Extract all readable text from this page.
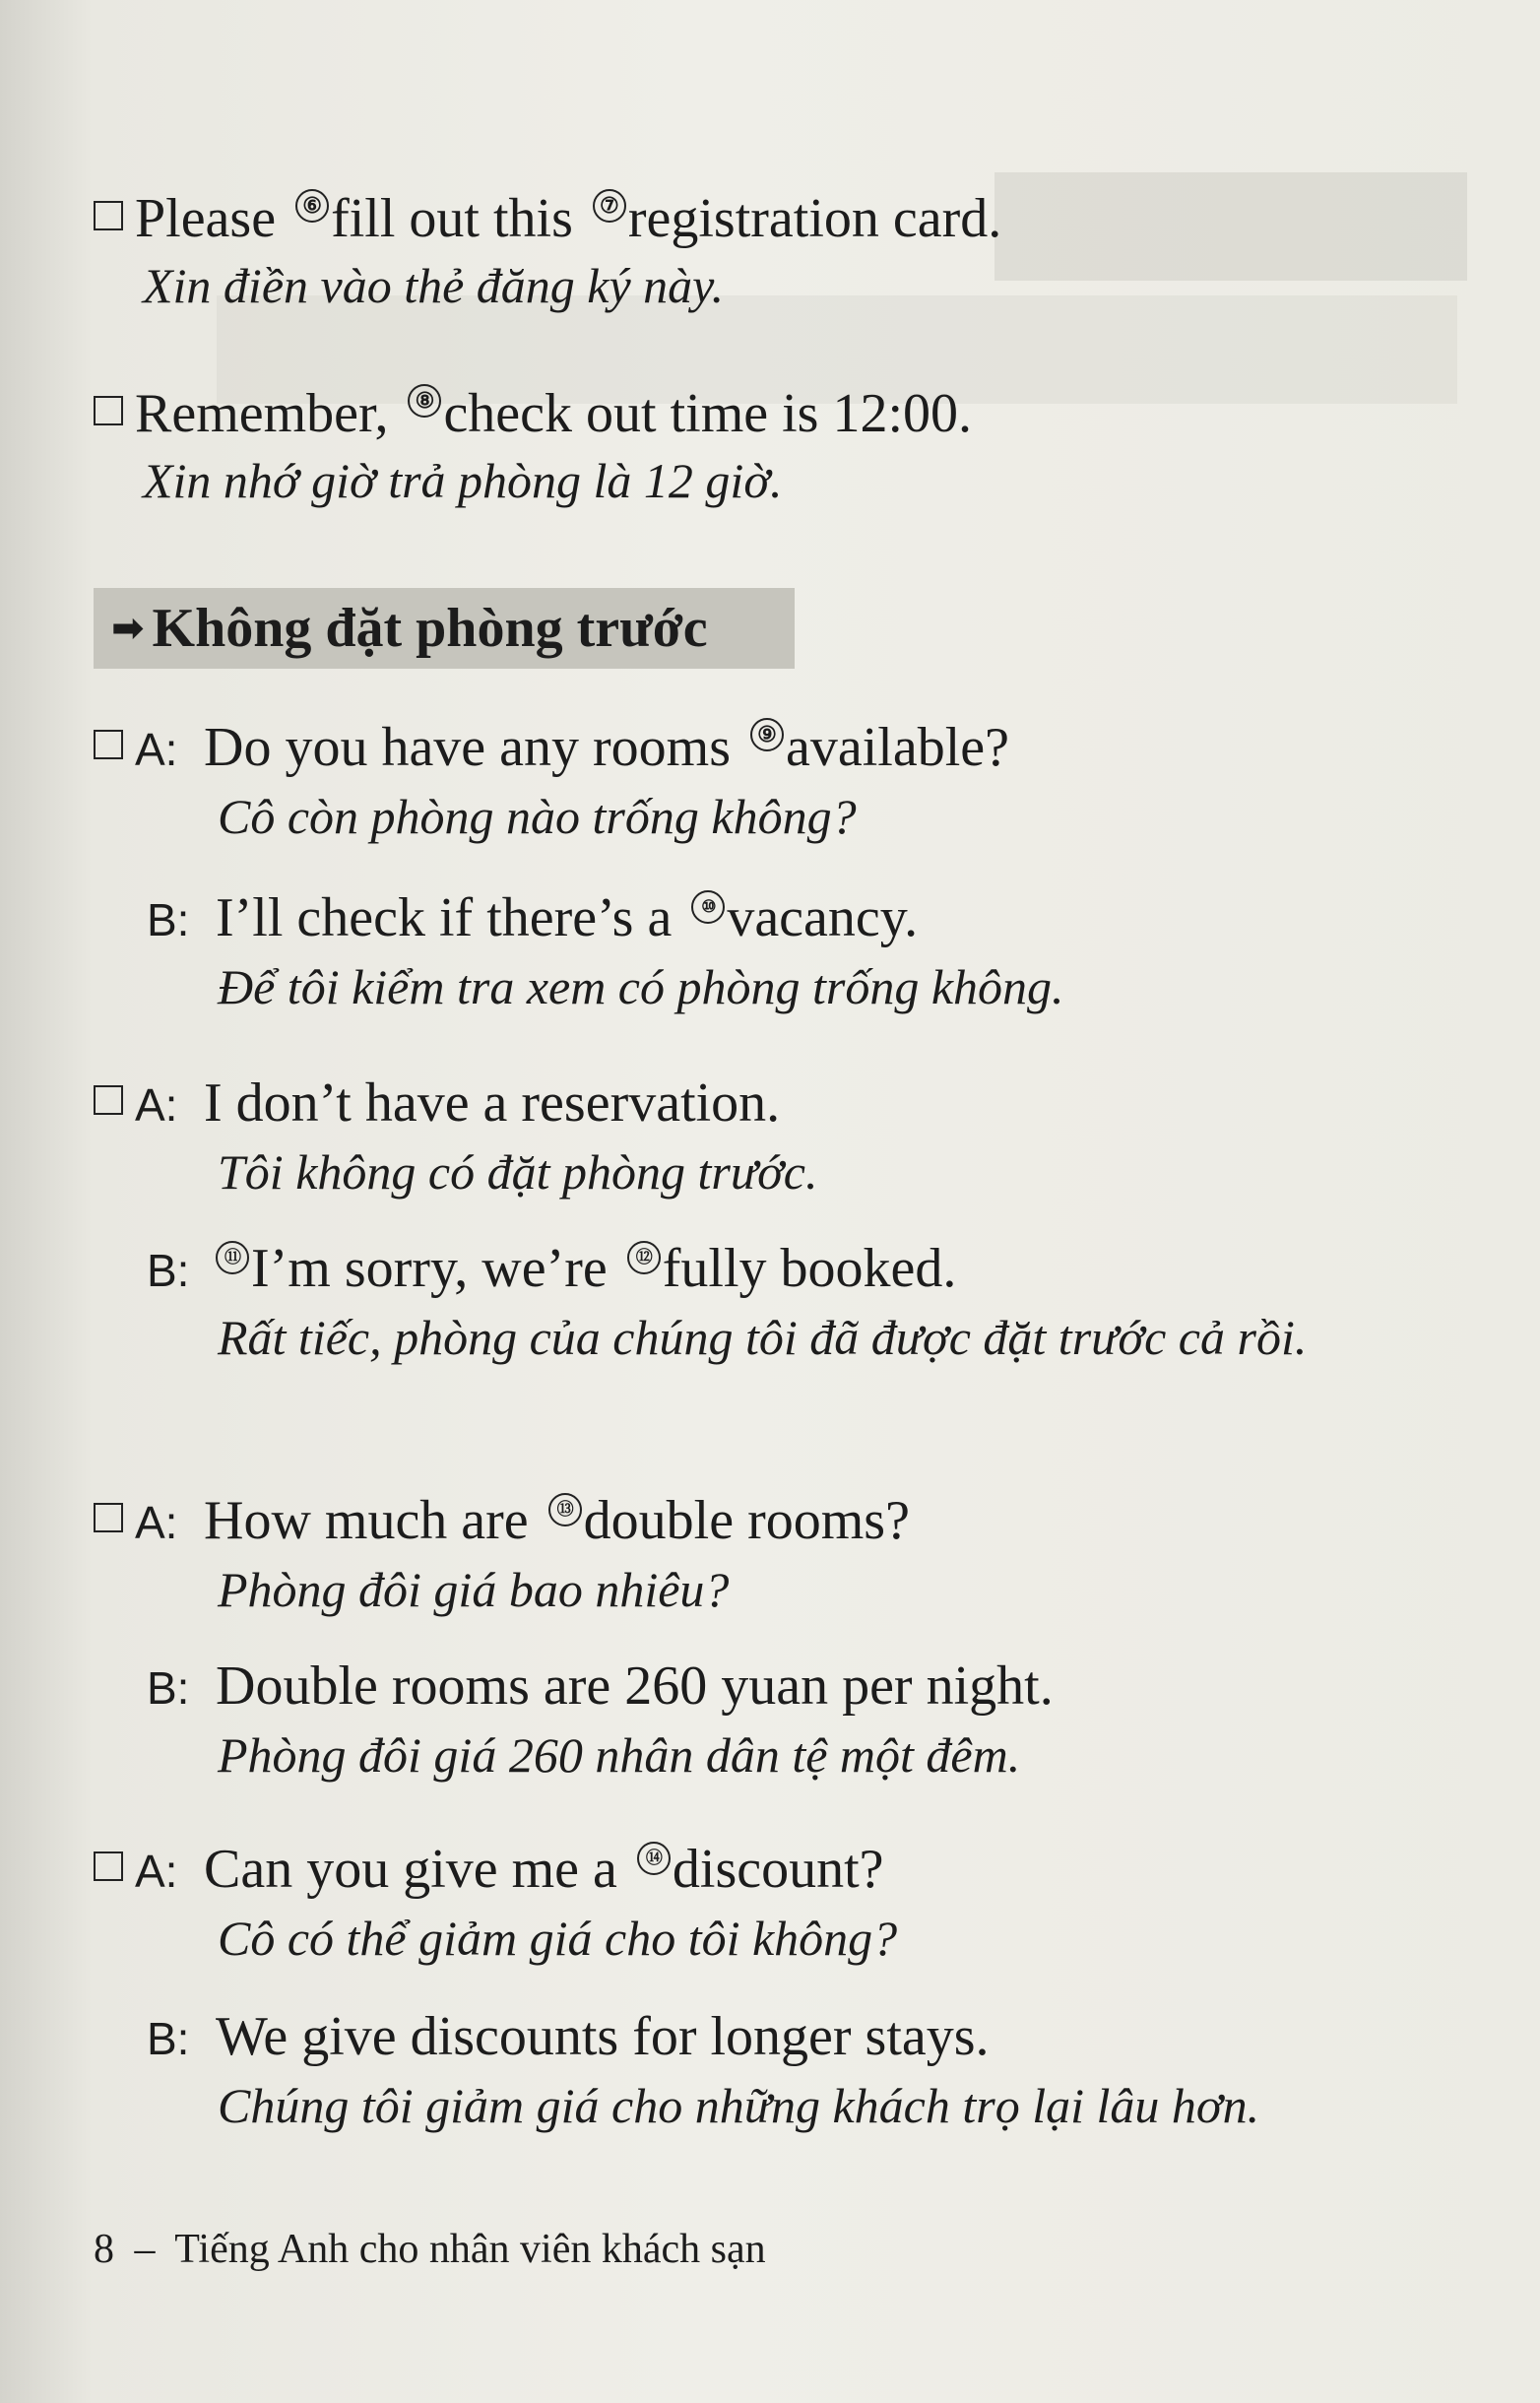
Please ⑥ fill out this ⑦ registration card.
Xin điền vào thẻ đăng ký này.
Remember, ⑧ check out time is 12:00.
Xin nhớ giờ trả phòng là 12 giờ.
➡ Không đặt phòng trước
A: Do you have any rooms ⑨ available?
Cô còn phòng nào trống không?
B: I’ll check if there’s a ⑩ vacancy.
Để tôi kiểm tra xem có phòng trống không.
A: I don’t have a reservation.
Tôi không có đặt phòng trước.
B: ⑪ I’m sorry, we’re ⑫ fully booked.
Rất tiếc, phòng của chúng tôi đã được đặt trước cả rồi.
A: How much are ⑬ double rooms?
Phòng đôi giá bao nhiêu?
B: Double rooms are 260 yuan per night.
Phòng đôi giá 260 nhân dân tệ một đêm.
A: Can you give me a ⑭ discount?
Cô có thể giảm giá cho tôi không?
B: We give discounts for longer stays.
Chúng tôi giảm giá cho những khách trọ lại lâu hơn.
8 – Tiếng Anh cho nhân viên khách sạn
